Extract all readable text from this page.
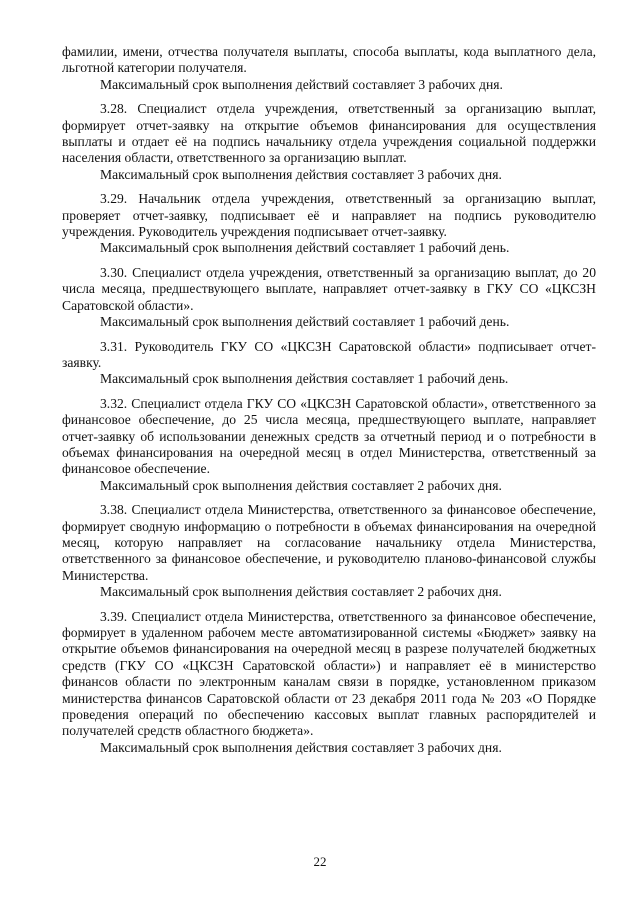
фамилии, имени, отчества получателя выплаты, способа выплаты, кода выплатного дела, льготной категории получателя.

Максимальный срок выполнения действий составляет 3 рабочих дня.

3.28. Специалист отдела учреждения, ответственный за организацию выплат, формирует отчет-заявку на открытие объемов финансирования для осуществления выплаты и отдает её на подпись начальнику отдела учреждения социальной поддержки населения области, ответственного за организацию выплат.

Максимальный срок выполнения действия составляет 3 рабочих дня.

3.29. Начальник отдела учреждения, ответственный за организацию выплат, проверяет отчет-заявку, подписывает её и направляет на подпись руководителю учреждения. Руководитель учреждения подписывает отчет-заявку.

Максимальный срок выполнения действий составляет 1 рабочий день.

3.30. Специалист отдела учреждения, ответственный за организацию выплат, до 20 числа месяца, предшествующего выплате, направляет отчет-заявку в ГКУ СО «ЦКСЗН Саратовской области».

Максимальный срок выполнения действий составляет 1 рабочий день.

3.31. Руководитель ГКУ СО «ЦКСЗН Саратовской области» подписывает отчет-заявку.

Максимальный срок выполнения действия составляет 1 рабочий день.

3.32. Специалист отдела ГКУ СО «ЦКСЗН Саратовской области», ответственного за финансовое обеспечение, до 25 числа месяца, предшествующего выплате, направляет отчет-заявку об использовании денежных средств за отчетный период и о потребности в объемах финансирования на очередной месяц в отдел Министерства, ответственный за финансовое обеспечение.

Максимальный срок выполнения действия составляет 2 рабочих дня.

3.38. Специалист отдела Министерства, ответственного за финансовое обеспечение, формирует сводную информацию о потребности в объемах финансирования на очередной месяц, которую направляет на согласование начальнику отдела Министерства, ответственного за финансовое обеспечение, и руководителю планово-финансовой службы Министерства.

Максимальный срок выполнения действия составляет 2 рабочих дня.

3.39. Специалист отдела Министерства, ответственного за финансовое обеспечение, формирует в удаленном рабочем месте автоматизированной системы «Бюджет» заявку на открытие объемов финансирования на очередной месяц в разрезе получателей бюджетных средств (ГКУ СО «ЦКСЗН Саратовской области») и направляет её в министерство финансов области по электронным каналам связи в порядке, установленном приказом министерства финансов Саратовской области от 23 декабря 2011 года № 203 «О Порядке проведения операций по обеспечению кассовых выплат главных распорядителей и получателей средств областного бюджета».

Максимальный срок выполнения действия составляет 3 рабочих дня.

22
